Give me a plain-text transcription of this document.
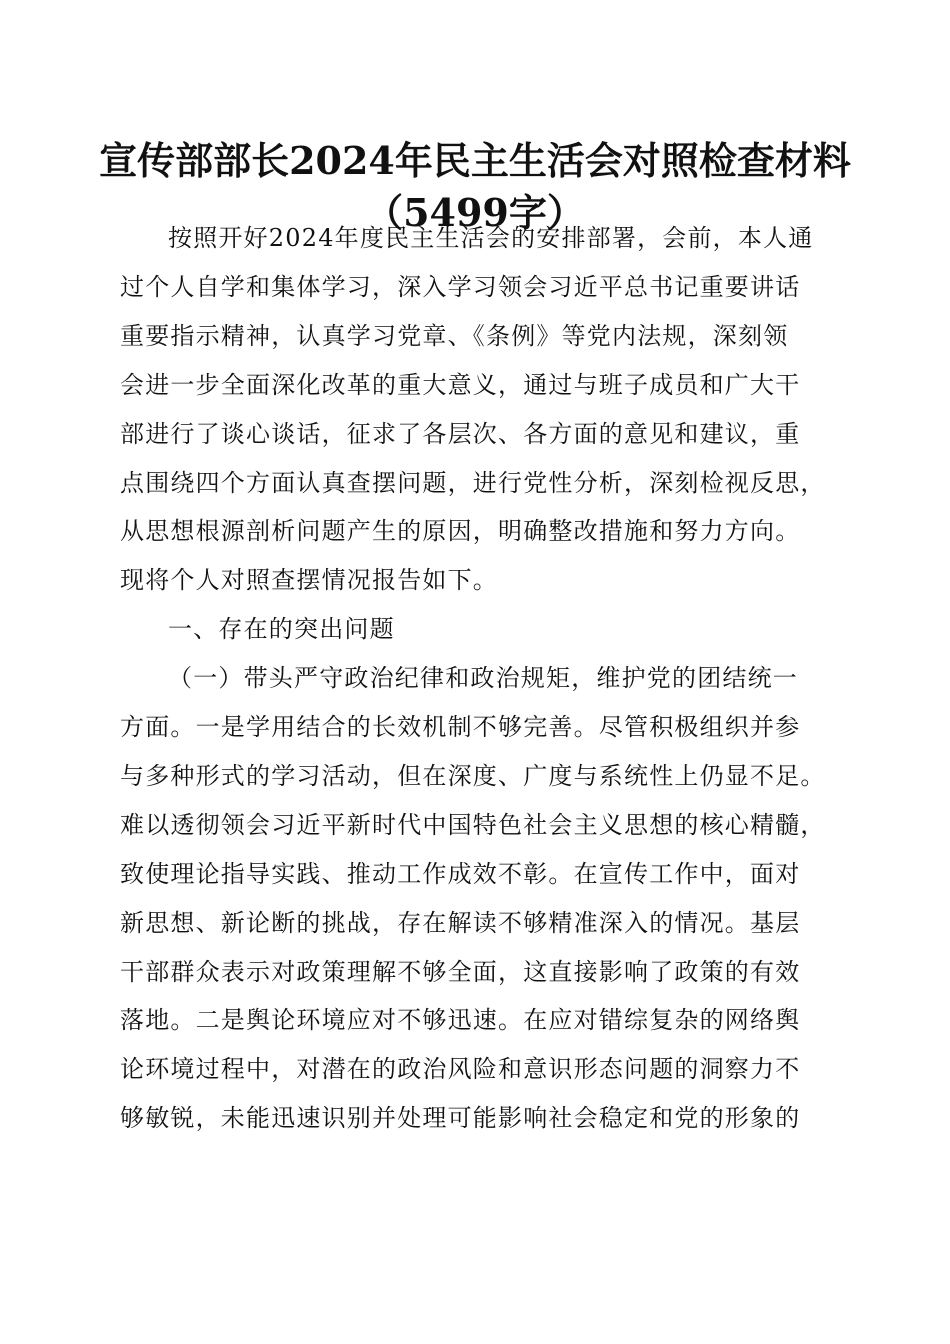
宣传部部长2024年民主生活会对照检查材料
（5499字）
按照开好2024年度民主生活会的安排部署，会前，本人通
过个人自学和集体学习，深入学习领会习近平总书记重要讲话
重要指示精神，认真学习党章、《条例》等党内法规，深刻领
会进一步全面深化改革的重大意义，通过与班子成员和广大干
部进行了谈心谈话，征求了各层次、各方面的意见和建议，重
点围绕四个方面认真查摆问题，进行党性分析，深刻检视反思，
从思想根源剖析问题产生的原因，明确整改措施和努力方向。
现将个人对照查摆情况报告如下。
一、存在的突出问题
（一）带头严守政治纪律和政治规矩，维护党的团结统一
方面。一是学用结合的长效机制不够完善。尽管积极组织并参
与多种形式的学习活动，但在深度、广度与系统性上仍显不足。
难以透彻领会习近平新时代中国特色社会主义思想的核心精髓，
致使理论指导实践、推动工作成效不彰。在宣传工作中，面对
新思想、新论断的挑战，存在解读不够精准深入的情况。基层
干部群众表示对政策理解不够全面，这直接影响了政策的有效
落地。二是舆论环境应对不够迅速。在应对错综复杂的网络舆
论环境过程中，对潜在的政治风险和意识形态问题的洞察力不
够敏锐，未能迅速识别并处理可能影响社会稳定和党的形象的
